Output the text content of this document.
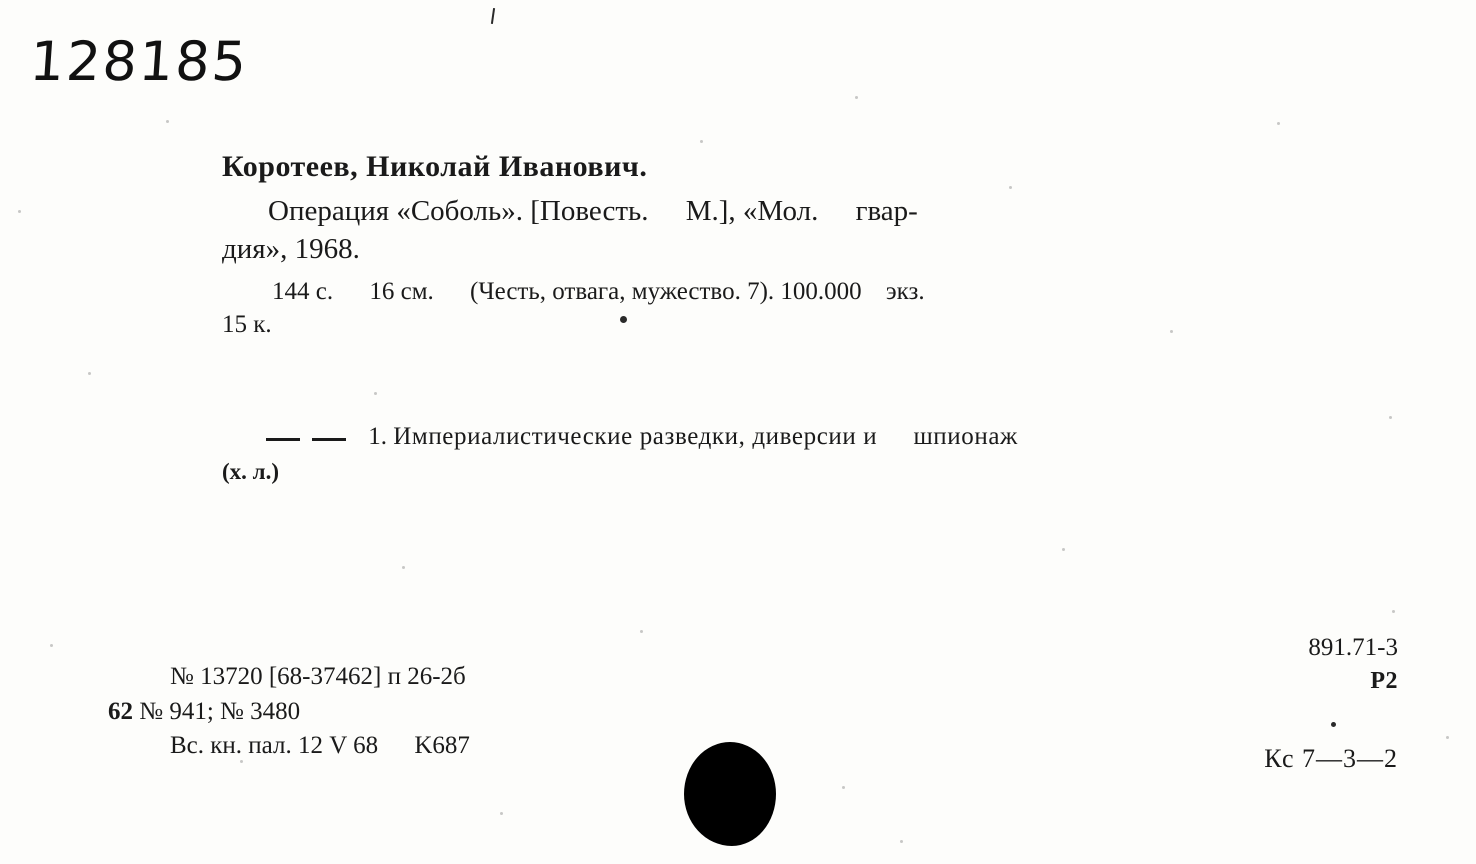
128185
Коротеев, Николай Иванович.
Операция «Соболь». [Повесть. М.], «Мол. гвар-
дия», 1968.
144 с. 16 см. (Честь, отвага, мужество. 7). 100.000 экз.
15 к.
1. Империалистические разведки, диверсии и шпионаж
(х. л.)
№ 13720 [68-37462] п 26-2б
62 № 941; № 3480
Вс. кн. пал. 12 V 68 K687
891.71-3
Р2
Кс 7—3—2
